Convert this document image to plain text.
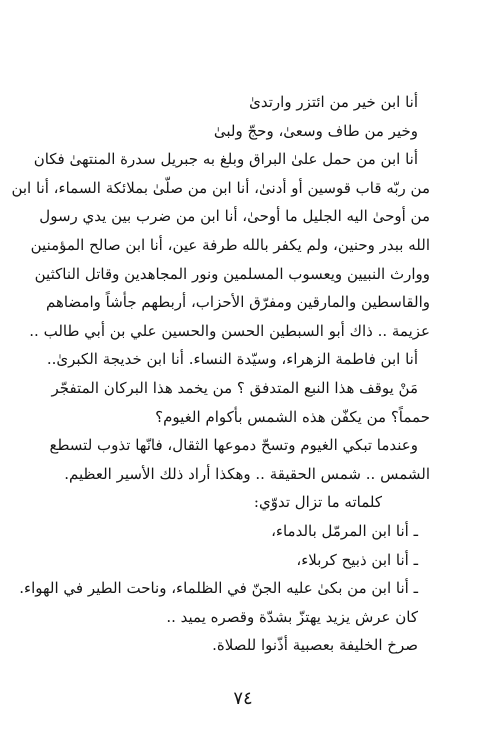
أنا ابن خير من ائتزر وارتدىٰ
وخير من طاف وسعىٰ، وحجّ ولبىٰ
أنا ابن من حمل علىٰ البراق وبلغ به جبريل سدرة المنتهىٰ فكان
من ربّه قاب قوسين أو أدنىٰ، أنا ابن من صلّىٰ بملائكة السماء، أنا ابن
من أوحىٰ اليه الجليل ما أوحىٰ، أنا ابن من ضرب بين يدي رسول
الله ببدر وحنين، ولم يكفر بالله طرفة عين، أنا ابن صالح المؤمنين
ووارث النبيين ويعسوب المسلمين ونور المجاهدين وقاتل الناكثين
والقاسطين والمارقين ومفرّق الأحزاب، أربطهم جأشاً وامضاهم
عزيمة .. ذاك أبو السبطين الحسن والحسين علي بن أبي طالب ..
أنا ابن فاطمة الزهراء، وسيّدة النساء. أنا ابن خديجة الكبرىٰ..
مَنْ يوقف هذا النبع المتدفق ؟ من يخمد هذا البركان المتفجّر
حمماً؟ من يكفّن هذه الشمس بأكوام الغيوم؟
وعندما تبكي الغيوم وتسحّ دموعها الثقال، فانّها تذوب لتسطع
الشمس .. شمس الحقيقة .. وهكذا أراد ذلك الأسير العظيم.
كلماته ما تزال تدوّي:
ـ أنا ابن المرمّل بالدماء،
ـ أنا ابن ذبيح كربلاء،
ـ أنا ابن من بكىٰ عليه الجنّ في الظلماء، وناحت الطير في الهواء.
كان عرش يزيد يهتزّ بشدّة وقصره يميد ..
صرخ الخليفة بعصبية أذّنوا للصلاة.
٧٤
